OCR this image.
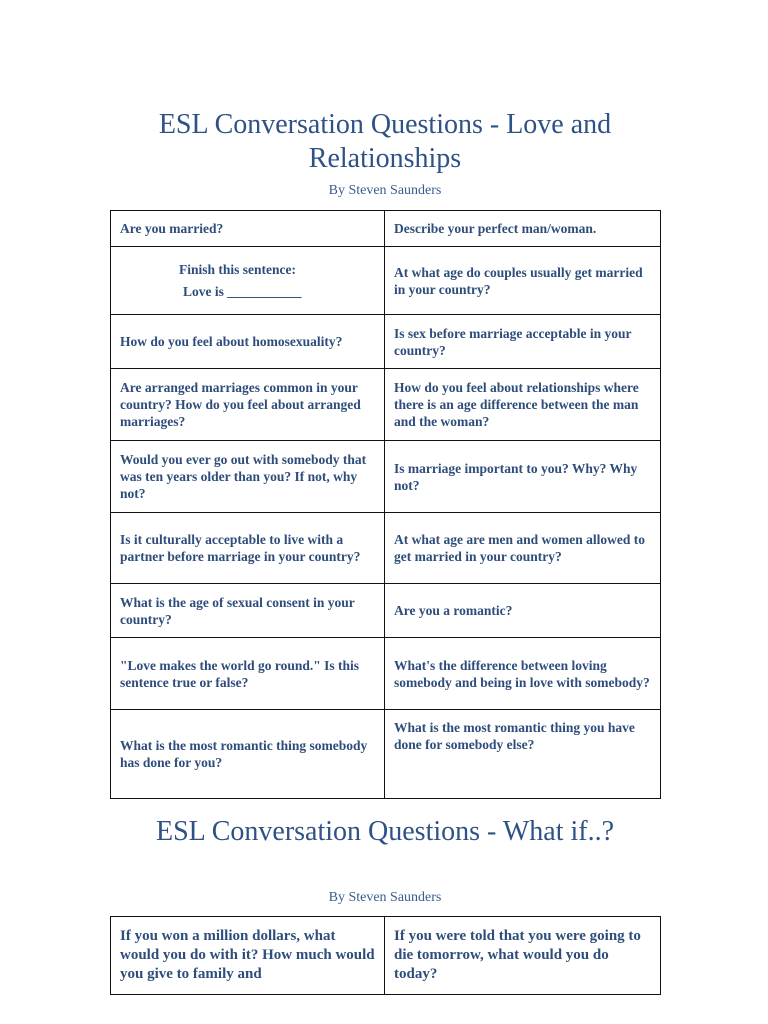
ESL Conversation Questions - Love and Relationships

By Steven Saunders

Are you married?	Describe your perfect man/woman.

Finish this sentence:
Love is ___________	At what age do couples usually get married in your country?
How do you feel about homosexuality?	Is sex before marriage acceptable in your country?
Are arranged marriages common in your country? How do you feel about arranged marriages?	How do you feel about relationships where there is an age difference between the man and the woman?
Would you ever go out with somebody that was ten years older than you? If not, why not?	Is marriage important to you? Why? Why not?
Is it culturally acceptable to live with a partner before marriage in your country?	At what age are men and women allowed to get married in your country?
What is the age of sexual consent in your country?	Are you a romantic?
"Love makes the world go round." Is this sentence true or false?	What's the difference between loving somebody and being in love with somebody?
What is the most romantic thing somebody has done for you?	What is the most romantic thing you have done for somebody else?
ESL Conversation Questions - What if..?

By Steven Saunders

If you won a million dollars, what would you do with it? How much would you give to family and	If you were told that you were going to die tomorrow, what would you do today?
